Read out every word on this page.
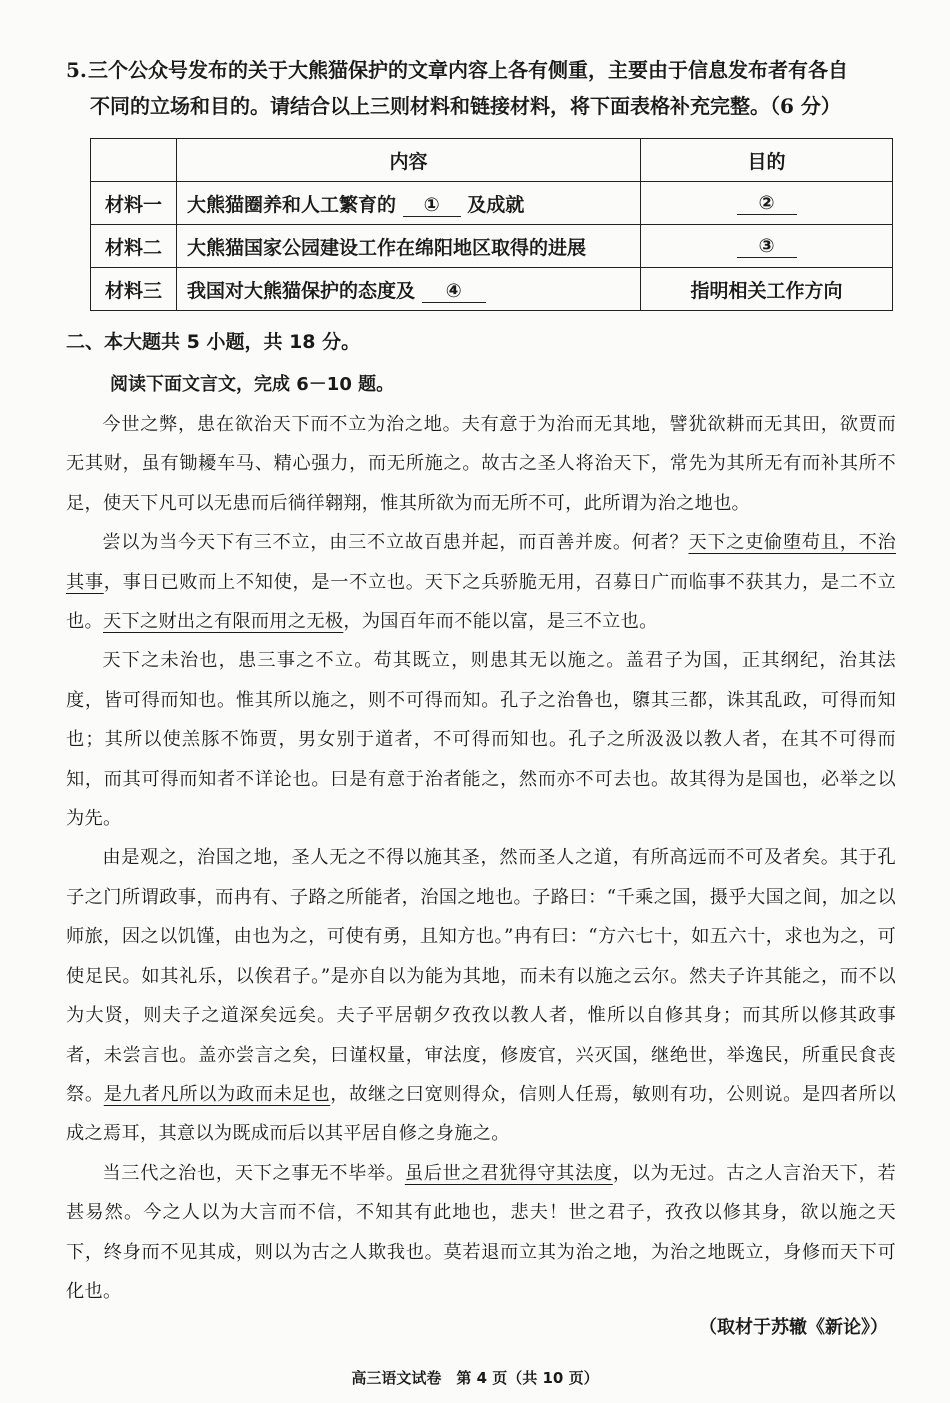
5.三个公众号发布的关于大熊猫保护的文章内容上各有侧重，主要由于信息发布者有各自
不同的立场和目的。请结合以上三则材料和链接材料，将下面表格补充完整。（6 分）
	内容	目的
材料一	大熊猫圈养和人工繁育的 ① 及成就	②
材料二	大熊猫国家公园建设工作在绵阳地区取得的进展	③
材料三	我国对大熊猫保护的态度及 ④	指明相关工作方向
二、本大题共 5 小题，共 18 分。
阅读下面文言文，完成 6－10 题。

今世之弊，患在欲治天下而不立为治之地。夫有意于为治而无其地，譬犹欲耕而无其田，欲贾而无其财，虽有锄耰车马、精心强力，而无所施之。故古之圣人将治天下，常先为其所无有而补其所不足，使天下凡可以无患而后徜徉翱翔，惟其所欲为而无所不可，此所谓为治之地也。

尝以为当今天下有三不立，由三不立故百患并起，而百善并废。何者？天下之吏偷堕苟且，不治其事，事日已败而上不知使，是一不立也。天下之兵骄脆无用，召募日广而临事不获其力，是二不立也。天下之财出之有限而用之无极，为国百年而不能以富，是三不立也。

天下之未治也，患三事之不立。苟其既立，则患其无以施之。盖君子为国，正其纲纪，治其法度，皆可得而知也。惟其所以施之，则不可得而知。孔子之治鲁也，隳其三都，诛其乱政，可得而知也；其所以使羔豚不饰贾，男女别于道者，不可得而知也。孔子之所汲汲以教人者，在其不可得而知，而其可得而知者不详论也。曰是有意于治者能之，然而亦不可去也。故其得为是国也，必举之以为先。

由是观之，治国之地，圣人无之不得以施其圣，然而圣人之道，有所高远而不可及者矣。其于孔子之门所谓政事，而冉有、子路之所能者，治国之地也。子路曰：“千乘之国，摄乎大国之间，加之以师旅，因之以饥馑，由也为之，可使有勇，且知方也。”冉有曰：“方六七十，如五六十，求也为之，可使足民。如其礼乐，以俟君子。”是亦自以为能为其地，而未有以施之云尔。然夫子许其能之，而不以为大贤，则夫子之道深矣远矣。夫子平居朝夕孜孜以教人者，惟所以自修其身；而其所以修其政事者，未尝言也。盖亦尝言之矣，曰谨权量，审法度，修废官，兴灭国，继绝世，举逸民，所重民食丧祭。是九者凡所以为政而未足也，故继之曰宽则得众，信则人任焉，敏则有功，公则说。是四者所以成之焉耳，其意以为既成而后以其平居自修之身施之。

当三代之治也，天下之事无不毕举。虽后世之君犹得守其法度，以为无过。古之人言治天下，若甚易然。今之人以为大言而不信，不知其有此地也，悲夫！世之君子，孜孜以修其身，欲以施之天下，终身而不见其成，则以为古之人欺我也。莫若退而立其为治之地，为治之地既立，身修而天下可化也。

（取材于苏辙《新论》）
高三语文试卷　第 4 页（共 10 页）
